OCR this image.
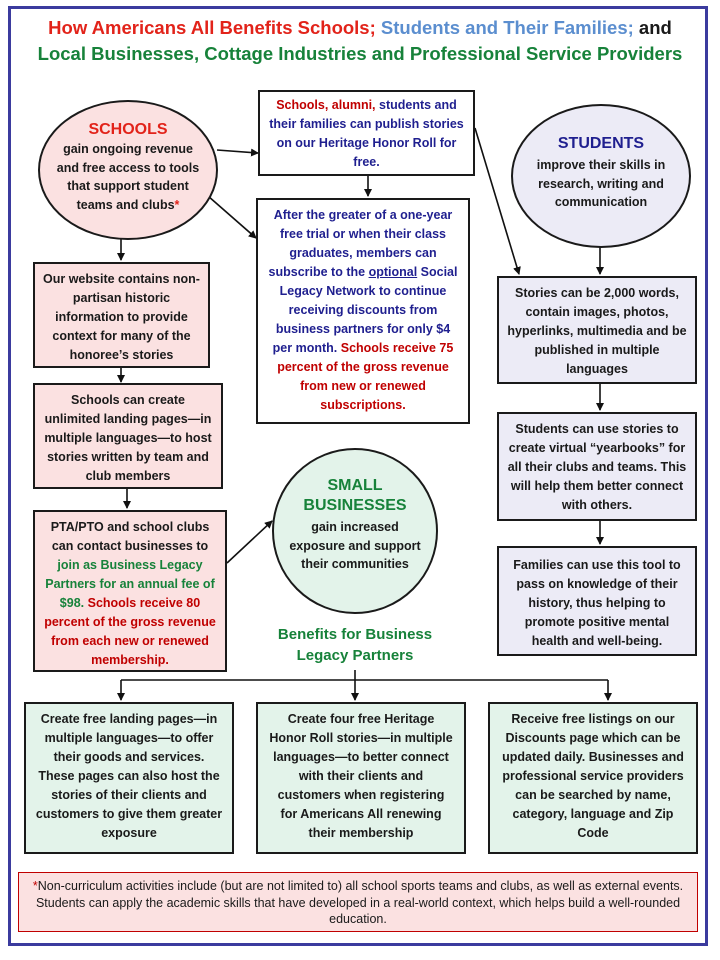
How Americans All Benefits Schools; Students and Their Families; and
Local Businesses, Cottage Industries and Professional Service Providers
SCHOOLS
gain ongoing revenue and free access to tools that support student teams and clubs*
Schools, alumni, students and their families can publish stories on our Heritage Honor Roll for free.
After the greater of a one-year free trial or when their class graduates, members can subscribe to the optional Social Legacy Network to continue receiving discounts from business partners for only $4 per month. Schools receive 75 percent of the gross revenue from new or renewed subscriptions.
STUDENTS
improve their skills in research, writing and communication
Our website contains non-partisan historic information to provide context for many of the honoree’s stories
Schools can create unlimited landing pages—in multiple languages—to host stories written by team and club members
PTA/PTO and school clubs can contact businesses to join as Business Legacy Partners for an annual fee of $98. Schools receive 80 percent of the gross revenue from each new or renewed membership.
SMALL BUSINESSES
gain increased exposure and support their communities
Benefits for Business Legacy Partners
Stories can be 2,000 words, contain images, photos, hyperlinks, multimedia and be published in multiple languages
Students can use stories to create virtual “yearbooks” for all their clubs and teams. This will help them better connect with others.
Families can use this tool to pass on knowledge of their history, thus helping to promote positive mental health and well-being.
Create free landing pages—in multiple languages—to offer their goods and services. These pages can also host the stories of their clients and customers to give them greater exposure
Create four free Heritage Honor Roll stories—in multiple languages—to better connect with their clients and customers when registering for Americans All renewing their membership
Receive free listings on our Discounts page which can be updated daily. Businesses and professional service providers can be searched by name, category, language and Zip Code
*Non-curriculum activities include (but are not limited to) all school sports teams and clubs, as well as external events. Students can apply the academic skills that have developed in a real-world context, which helps build a well-rounded education.
